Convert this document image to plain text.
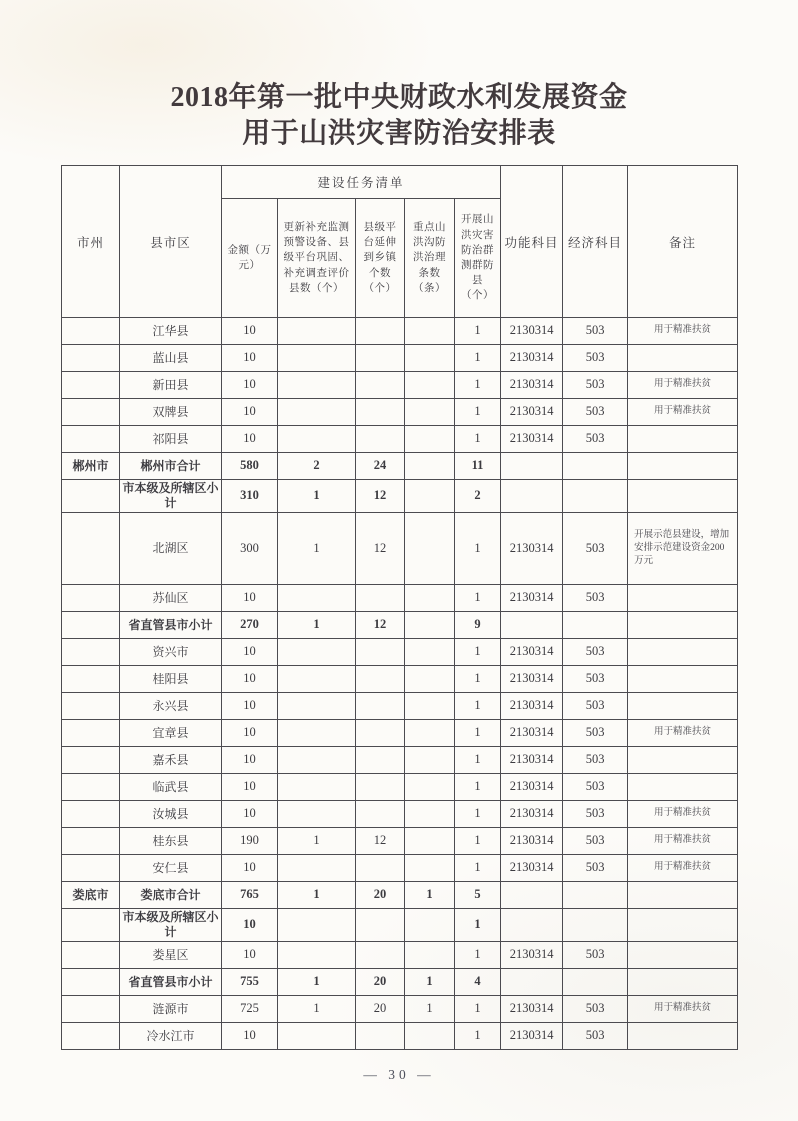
2018年第一批中央财政水利发展资金
用于山洪灾害防治安排表
市州	县市区	建设任务清单					功能科目	经济科目	备注
		金额（万元）	更新补充监测预警设备、县级平台巩固、补充调查评价县数（个）	县级平台延伸到乡镇个数（个）	重点山洪沟防洪治理条数（条）	开展山洪灾害防治群测群防县（个）			
	江华县	10				1	2130314	503	用于精准扶贫
	蓝山县	10				1	2130314	503	
	新田县	10				1	2130314	503	用于精准扶贫
	双牌县	10				1	2130314	503	用于精准扶贫
	祁阳县	10				1	2130314	503	
郴州市	郴州市合计	580	2	24		11			
	市本级及所辖区小计	310	1	12		2			
	北湖区	300	1	12		1	2130314	503	开展示范县建设，增加安排示范建设资金200万元
	苏仙区	10				1	2130314	503	
	省直管县市小计	270	1	12		9			
	资兴市	10				1	2130314	503	
	桂阳县	10				1	2130314	503	
	永兴县	10				1	2130314	503	
	宜章县	10				1	2130314	503	用于精准扶贫
	嘉禾县	10				1	2130314	503	
	临武县	10				1	2130314	503	
	汝城县	10				1	2130314	503	用于精准扶贫
	桂东县	190	1	12		1	2130314	503	用于精准扶贫
	安仁县	10				1	2130314	503	用于精准扶贫
娄底市	娄底市合计	765	1	20	1	5			
	市本级及所辖区小计	10				1			
	娄星区	10				1	2130314	503	
	省直管县市小计	755	1	20	1	4			
	涟源市	725	1	20	1	1	2130314	503	用于精准扶贫
	冷水江市	10				1	2130314	503	
— 30 —
